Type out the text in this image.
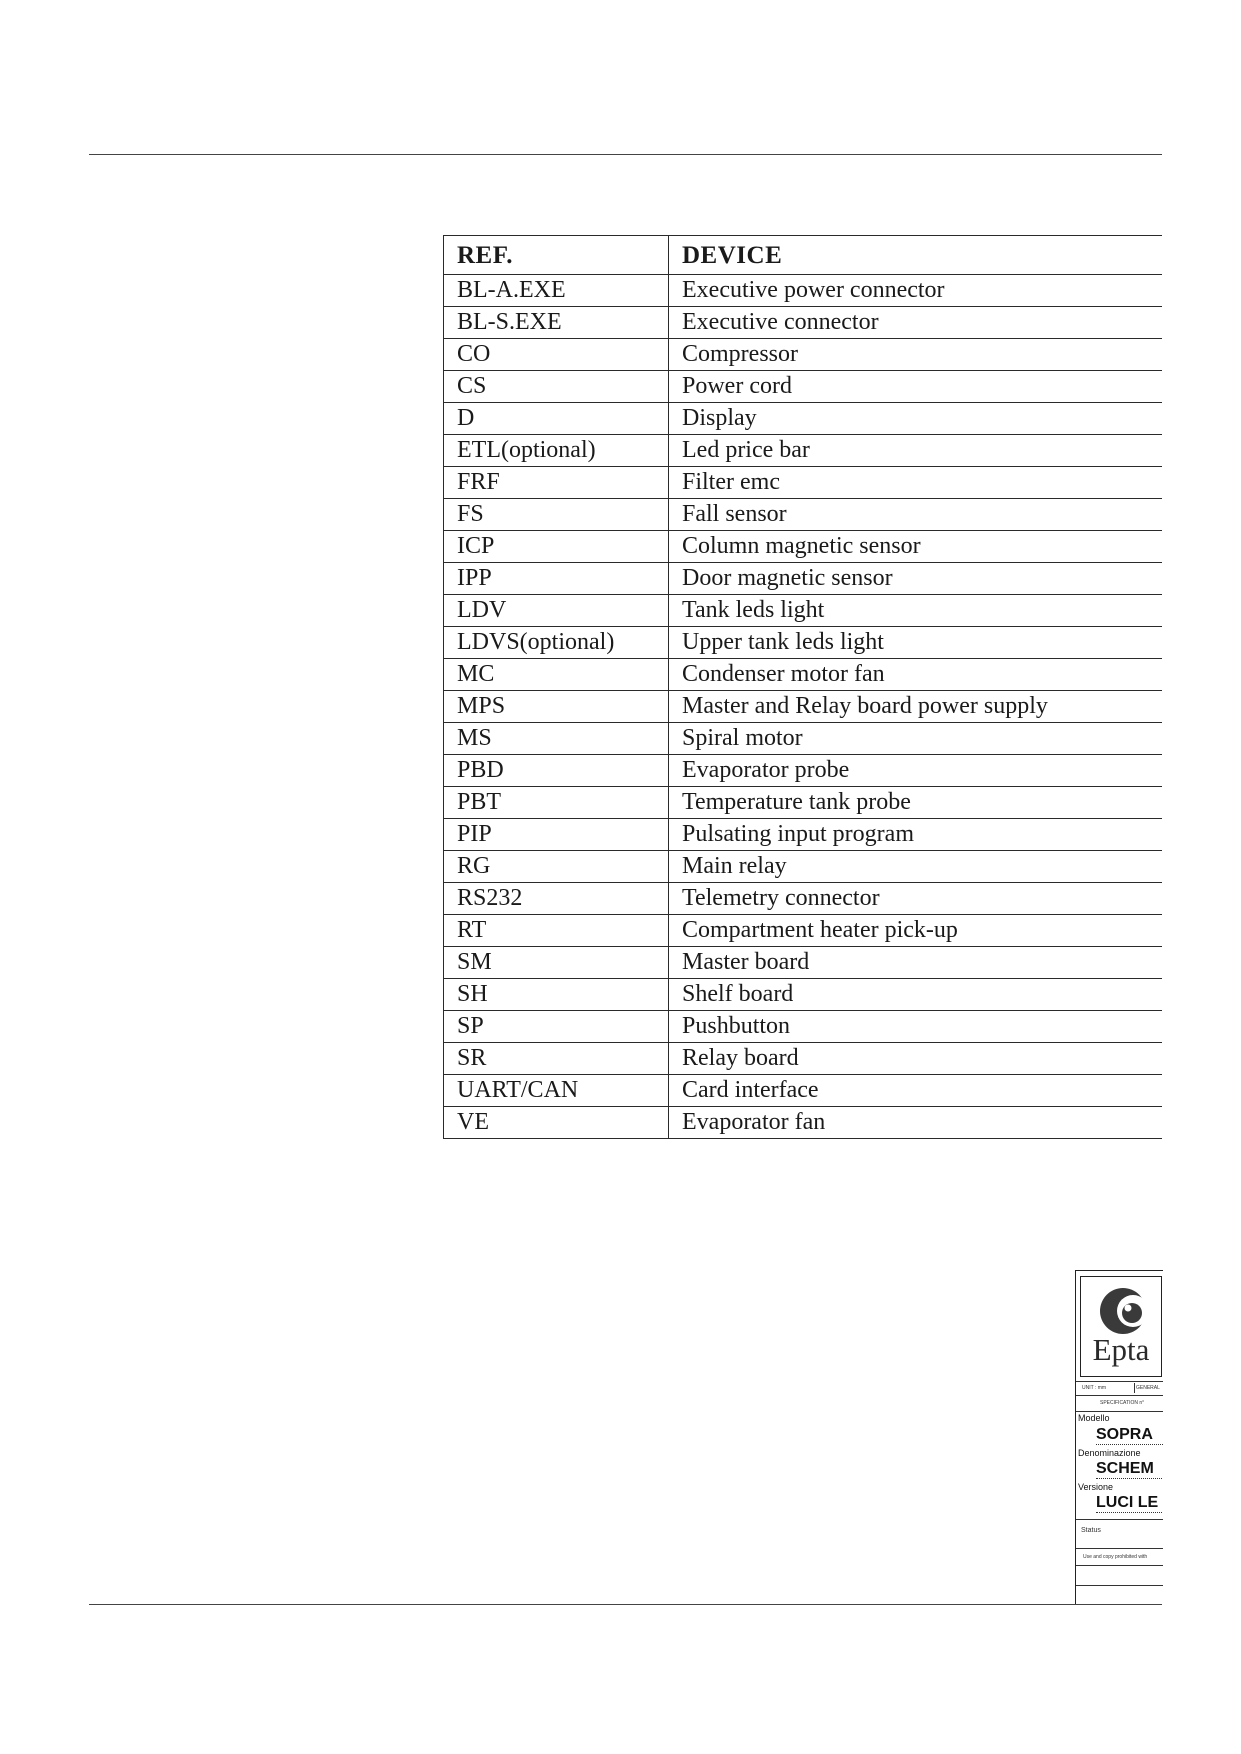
REF.	DEVICE
BL-A.EXE	Executive power connector
BL-S.EXE	Executive connector
CO	Compressor
CS	Power cord
D	Display
ETL(optional)	Led price bar
FRF	Filter emc
FS	Fall sensor
ICP	Column magnetic sensor
IPP	Door magnetic sensor
LDV	Tank leds light
LDVS(optional)	Upper tank leds light
MC	Condenser motor fan
MPS	Master and Relay board power supply
MS	Spiral motor
PBD	Evaporator probe
PBT	Temperature tank probe
PIP	Pulsating input program
RG	Main relay
RS232	Telemetry connector
RT	Compartment heater pick-up
SM	Master board
SH	Shelf board
SP	Pushbutton
SR	Relay board
UART/CAN	Card interface
VE	Evaporator fan
Epta
UNIT : mm	GENERAL
SPECIFICATION n°
Modello
SOPRA
Denominazione
SCHEM
Versione
LUCI LE
Status
Use and copy prohibited with
